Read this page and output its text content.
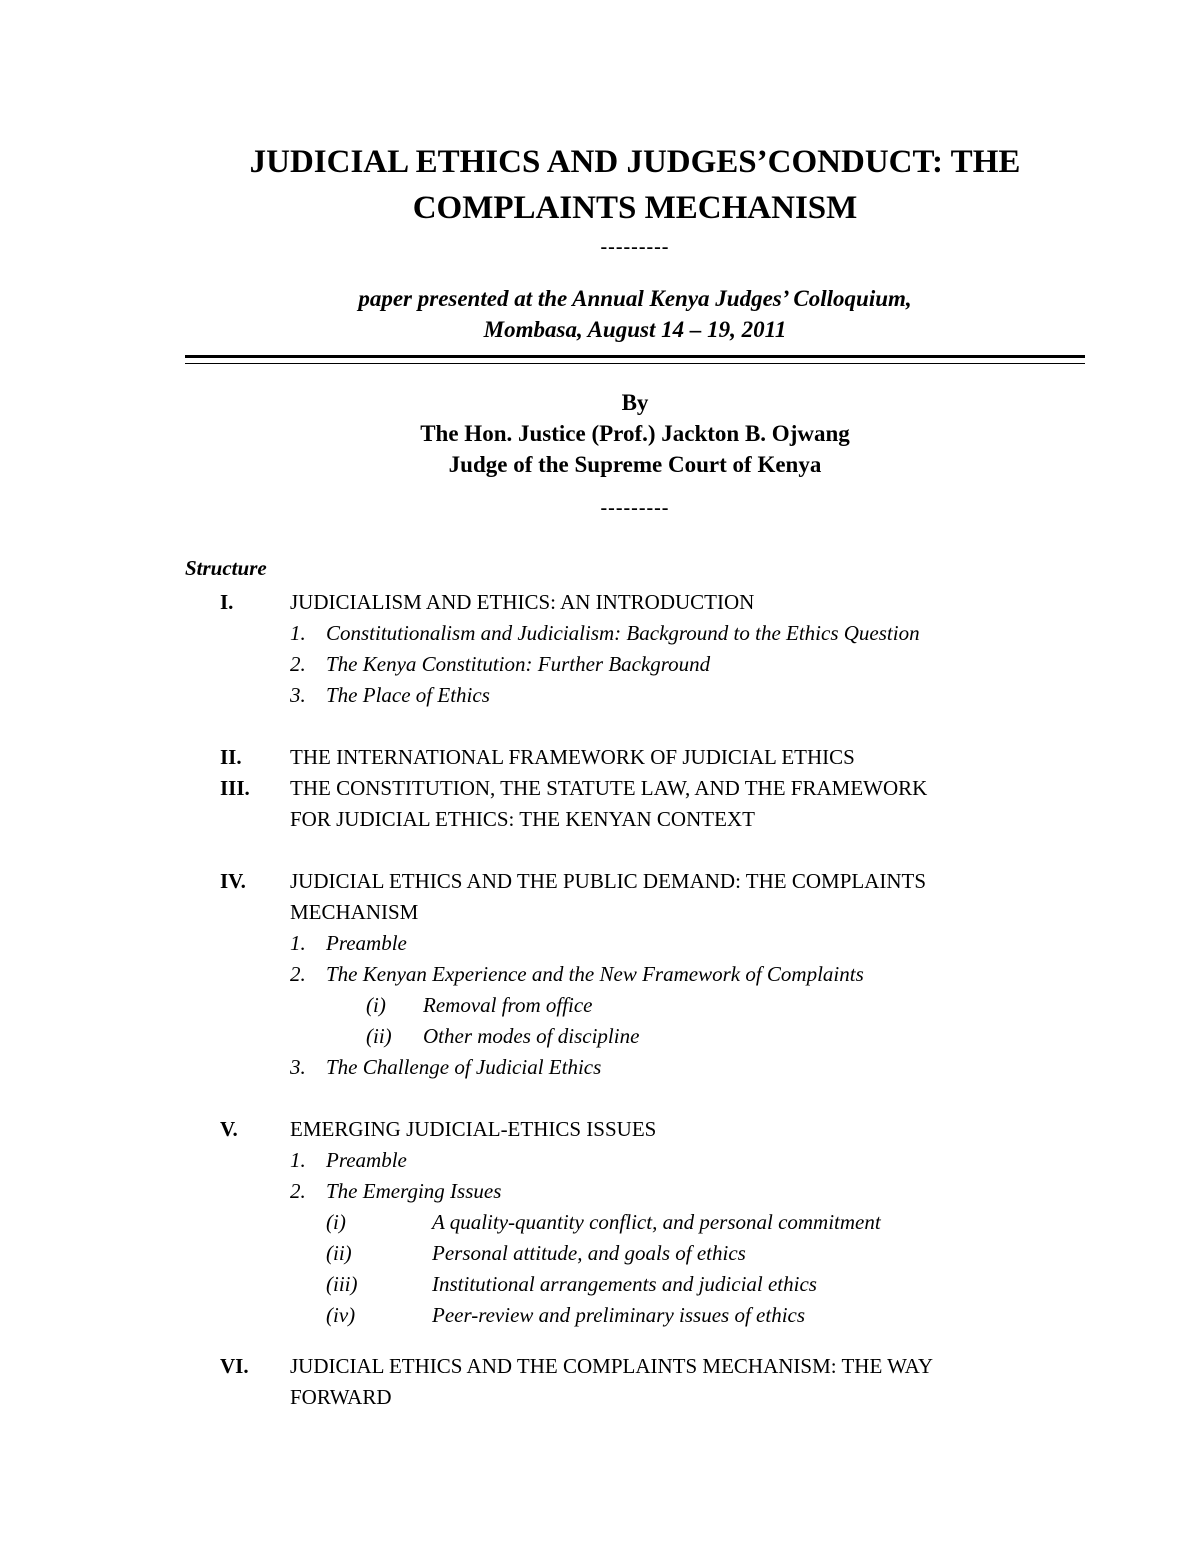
JUDICIAL ETHICS AND JUDGES’CONDUCT: THE
COMPLAINTS MECHANISM
---------
paper presented at the Annual Kenya Judges’ Colloquium,
Mombasa, August 14 – 19, 2011
By
The Hon. Justice (Prof.) Jackton B. Ojwang
Judge of the Supreme Court of Kenya
---------
Structure
I.	JUDICIALISM AND ETHICS: AN INTRODUCTION
1. Constitutionalism and Judicialism: Background to the Ethics Question
2. The Kenya Constitution: Further Background
3. The Place of Ethics
II. THE INTERNATIONAL FRAMEWORK OF JUDICIAL ETHICS
III. THE CONSTITUTION, THE STATUTE LAW, AND THE FRAMEWORK
FOR JUDICIAL ETHICS: THE KENYAN CONTEXT
IV. JUDICIAL ETHICS AND THE PUBLIC DEMAND: THE COMPLAINTS
MECHANISM
1. Preamble
2. The Kenyan Experience and the New Framework of Complaints
(i) Removal from office
(ii) Other modes of discipline
3. The Challenge of Judicial Ethics
V. EMERGING JUDICIAL-ETHICS ISSUES
1. Preamble
2. The Emerging Issues
(i)	A quality-quantity conflict, and personal commitment
(ii)	Personal attitude, and goals of ethics
(iii)	Institutional arrangements and judicial ethics
(iv)	Peer-review and preliminary issues of ethics
VI. JUDICIAL ETHICS AND THE COMPLAINTS MECHANISM: THE WAY
FORWARD
